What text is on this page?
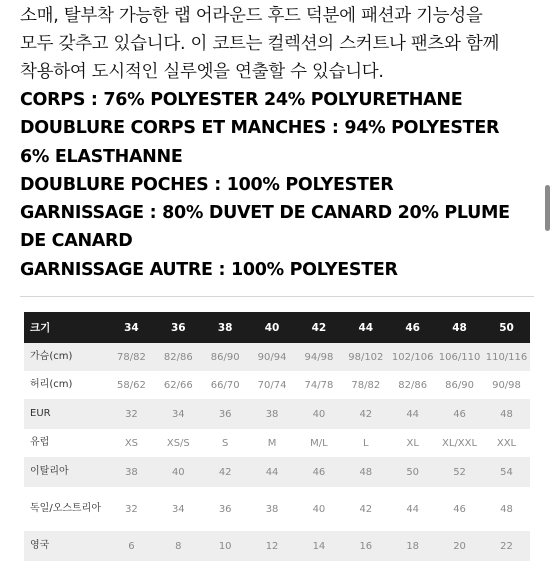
소매, 탈부착 가능한 랩 어라운드 후드 덕분에 패션과 기능성을
모두 갖추고 있습니다. 이 코트는 컬렉션의 스커트나 팬츠와 함께
착용하여 도시적인 실루엣을 연출할 수 있습니다.
CORPS : 76% POLYESTER 24% POLYURETHANE
DOUBLURE CORPS ET MANCHES : 94% POLYESTER
6% ELASTHANNE
DOUBLURE POCHES : 100% POLYESTER
GARNISSAGE : 80% DUVET DE CANARD 20% PLUME
DE CANARD
GARNISSAGE AUTRE : 100% POLYESTER
크기	34	36	38	40	42	44	46	48	50
가슴(cm)	78/82	82/86	86/90	90/94	94/98	98/102	102/106	106/110	110/116
허리(cm)	58/62	62/66	66/70	70/74	74/78	78/82	82/86	86/90	90/98
EUR	32	34	36	38	40	42	44	46	48
유럽	XS	XS/S	S	M	M/L	L	XL	XL/XXL	XXL
이탈리아	38	40	42	44	46	48	50	52	54
독일/오스트리아	32	34	36	38	40	42	44	46	48
영국	6	8	10	12	14	16	18	20	22
